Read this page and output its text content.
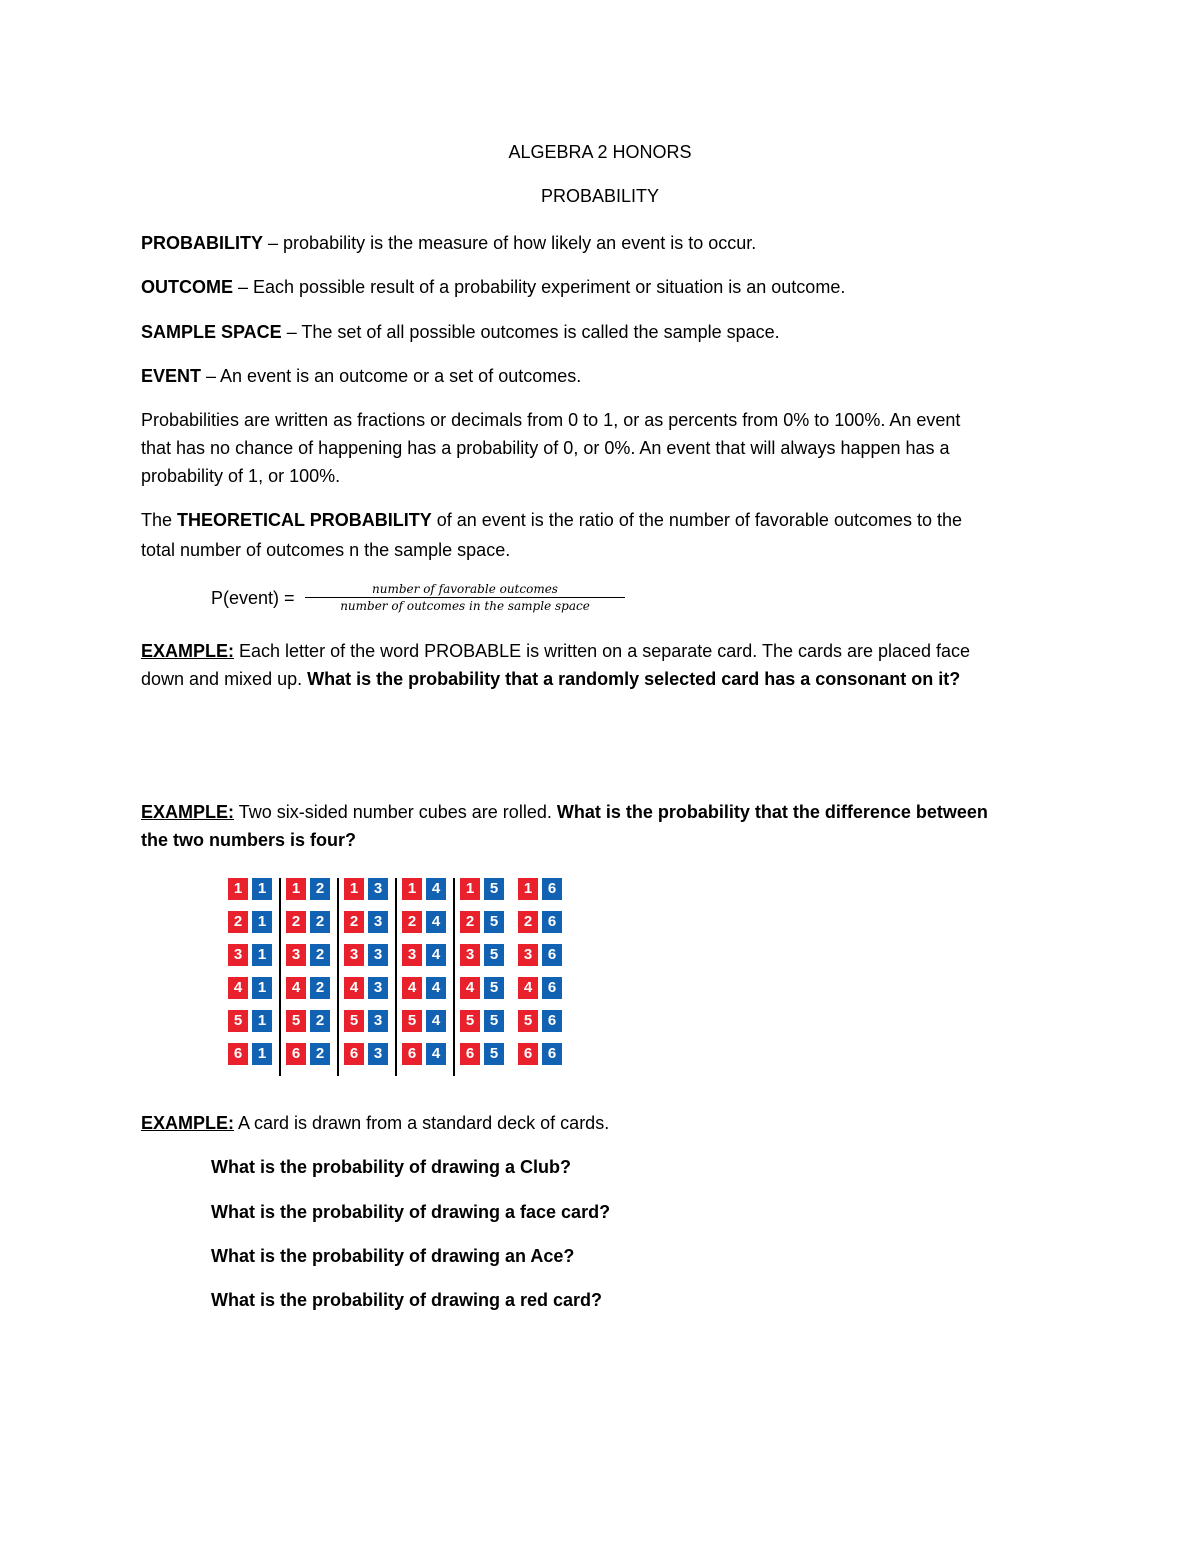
ALGEBRA 2 HONORS
PROBABILITY
PROBABILITY – probability is the measure of how likely an event is to occur.
OUTCOME – Each possible result of a probability experiment or situation is an outcome.
SAMPLE SPACE – The set of all possible outcomes is called the sample space.
EVENT – An event is an outcome or a set of outcomes.
Probabilities are written as fractions or decimals from 0 to 1, or as percents from 0% to 100%. An event
that has no chance of happening has a probability of 0, or 0%. An event that will always happen has a
probability of 1, or 100%.
The THEORETICAL PROBABILITY of an event is the ratio of the number of favorable outcomes to the
total number of outcomes n the sample space.
P(event) =	number of favorable outcomes
number of outcomes in the sample space
EXAMPLE: Each letter of the word PROBABLE is written on a separate card. The cards are placed face
down and mixed up. What is the probability that a randomly selected card has a consonant on it?
EXAMPLE: Two six-sided number cubes are rolled. What is the probability that the difference between
the two numbers is four?
1	1	1	2	1	3	1	4	1	5	1	6
2	1	2	2	2	3	2	4	2	5	2	6
3	1	3	2	3	3	3	4	3	5	3	6
4	1	4	2	4	3	4	4	4	5	4	6
5	1	5	2	5	3	5	4	5	5	5	6
6	1	6	2	6	3	6	4	6	5	6	6
EXAMPLE: A card is drawn from a standard deck of cards.
What is the probability of drawing a Club?
What is the probability of drawing a face card?
What is the probability of drawing an Ace?
What is the probability of drawing a red card?
